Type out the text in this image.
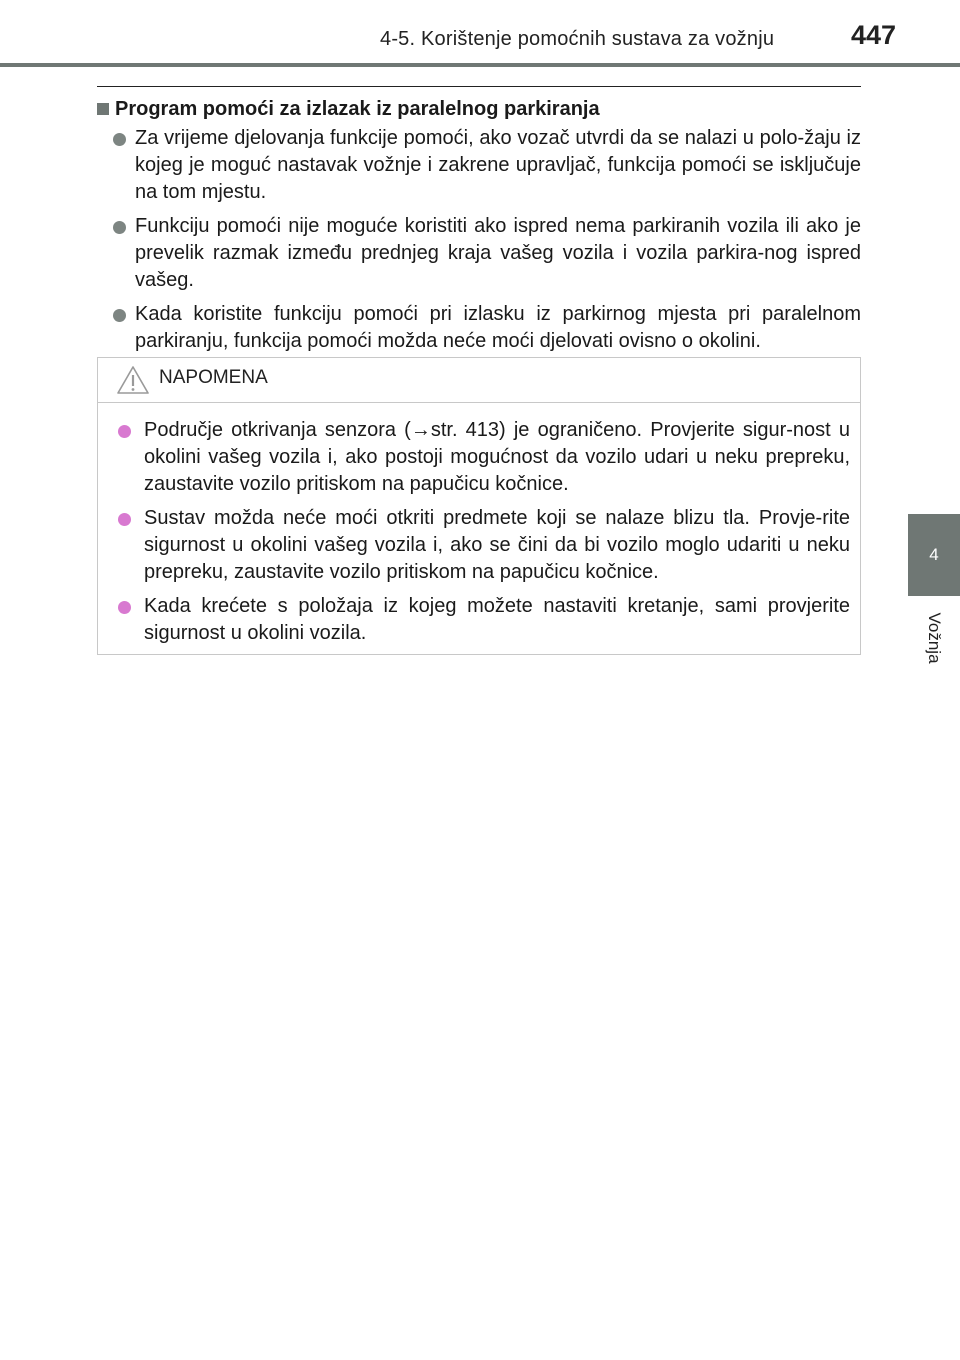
4-5. Korištenje pomoćnih sustava za vožnju	447
4
Vožnja
Program pomoći za izlazak iz paralelnog parkiranja
Za vrijeme djelovanja funkcije pomoći, ako vozač utvrdi da se nalazi u polo-žaju iz kojeg je moguć nastavak vožnje i zakrene upravljač, funkcija pomoći se isključuje na tom mjestu.
Funkciju pomoći nije moguće koristiti ako ispred nema parkiranih vozila ili ako je prevelik razmak između prednjeg kraja vašeg vozila i vozila parkira-nog ispred vašeg.
Kada koristite funkciju pomoći pri izlasku iz parkirnog mjesta pri paralelnom parkiranju, funkcija pomoći možda neće moći djelovati ovisno o okolini.
NAPOMENA
Područje otkrivanja senzora (→str. 413) je ograničeno. Provjerite sigur-nost u okolini vašeg vozila i, ako postoji mogućnost da vozilo udari u neku prepreku, zaustavite vozilo pritiskom na papučicu kočnice.
Sustav možda neće moći otkriti predmete koji se nalaze blizu tla. Provje-rite sigurnost u okolini vašeg vozila i, ako se čini da bi vozilo moglo udariti u neku prepreku, zaustavite vozilo pritiskom na papučicu kočnice.
Kada krećete s položaja iz kojeg možete nastaviti kretanje, sami provjerite sigurnost u okolini vozila.
